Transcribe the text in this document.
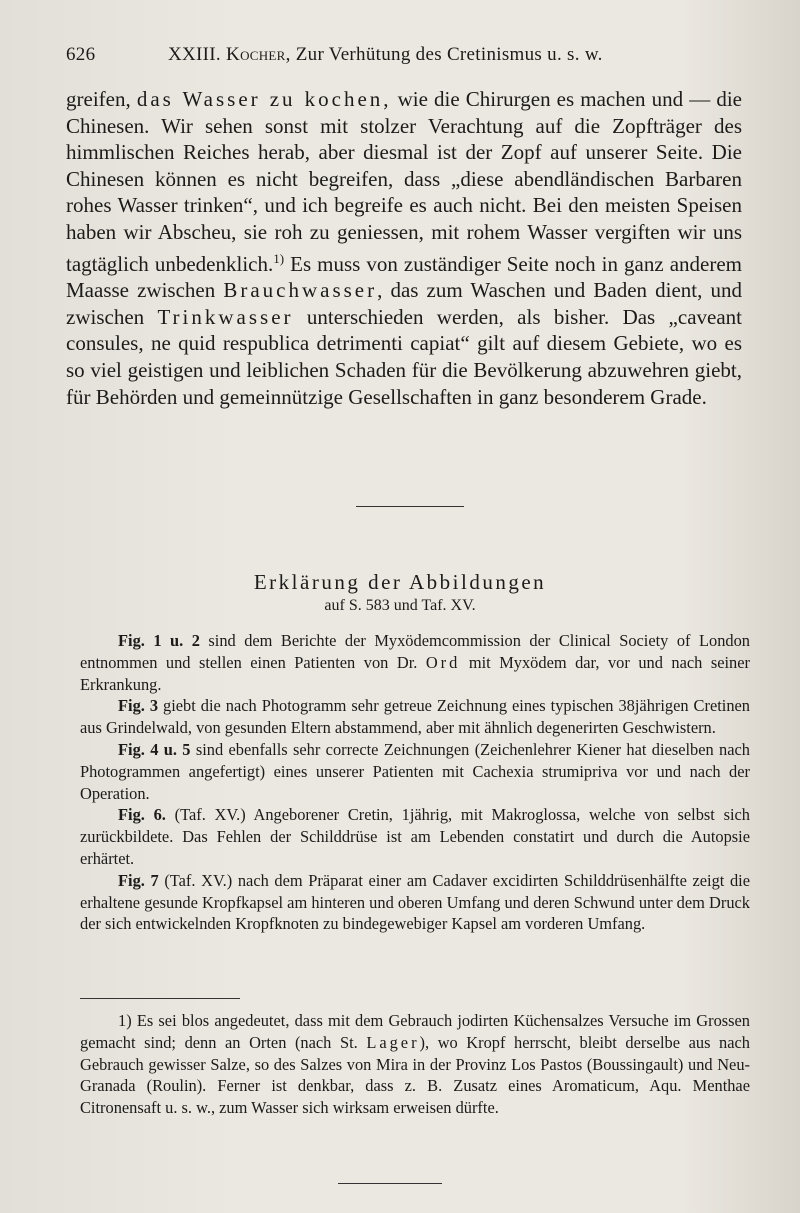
626	XXIII. Kocher, Zur Verhütung des Cretinismus u. s. w.

greifen, das Wasser zu kochen, wie die Chirurgen es machen und — die Chinesen. Wir sehen sonst mit stolzer Verachtung auf die Zopfträger des himmlischen Reiches herab, aber diesmal ist der Zopf auf unserer Seite. Die Chinesen können es nicht begreifen, dass „diese abendländischen Barbaren rohes Wasser trinken“, und ich begreife es auch nicht. Bei den meisten Speisen haben wir Abscheu, sie roh zu geniessen, mit rohem Wasser vergiften wir uns tagtäglich unbedenklich.$^{1)}$ Es muss von zuständiger Seite noch in ganz anderem Maasse zwischen Brauchwasser, das zum Waschen und Baden dient, und zwischen Trinkwasser unterschieden werden, als bisher. Das „caveant consules, ne quid respublica detrimenti capiat“ gilt auf diesem Gebiete, wo es so viel geistigen und leiblichen Schaden für die Bevölkerung abzuwehren giebt, für Behörden und gemeinnützige Gesellschaften in ganz besonderem Grade.

Erklärung der Abbildungen
auf S. 583 und Taf. XV.

Fig. 1 u. 2 sind dem Berichte der Myxödemcommission der Clinical Society of London entnommen und stellen einen Patienten von Dr. Ord mit Myxödem dar, vor und nach seiner Erkrankung.

Fig. 3 giebt die nach Photogramm sehr getreue Zeichnung eines typischen 38jährigen Cretinen aus Grindelwald, von gesunden Eltern abstammend, aber mit ähnlich degenerirten Geschwistern.

Fig. 4 u. 5 sind ebenfalls sehr correcte Zeichnungen (Zeichenlehrer Kiener hat dieselben nach Photogrammen angefertigt) eines unserer Patienten mit Cachexia strumipriva vor und nach der Operation.

Fig. 6. (Taf. XV.) Angeborener Cretin, 1jährig, mit Makroglossa, welche von selbst sich zurückbildete. Das Fehlen der Schilddrüse ist am Lebenden constatirt und durch die Autopsie erhärtet.

Fig. 7 (Taf. XV.) nach dem Präparat einer am Cadaver excidirten Schilddrüsenhälfte zeigt die erhaltene gesunde Kropfkapsel am hinteren und oberen Umfang und deren Schwund unter dem Druck der sich entwickelnden Kropfknoten zu bindegewebiger Kapsel am vorderen Umfang.

1) Es sei blos angedeutet, dass mit dem Gebrauch jodirten Küchensalzes Versuche im Grossen gemacht sind; denn an Orten (nach St. Lager), wo Kropf herrscht, bleibt derselbe aus nach Gebrauch gewisser Salze, so des Salzes von Mira in der Provinz Los Pastos (Boussingault) und Neu-Granada (Roulin). Ferner ist denkbar, dass z. B. Zusatz eines Aromaticum, Aqu. Menthae Citronensaft u. s. w., zum Wasser sich wirksam erweisen dürfte.
